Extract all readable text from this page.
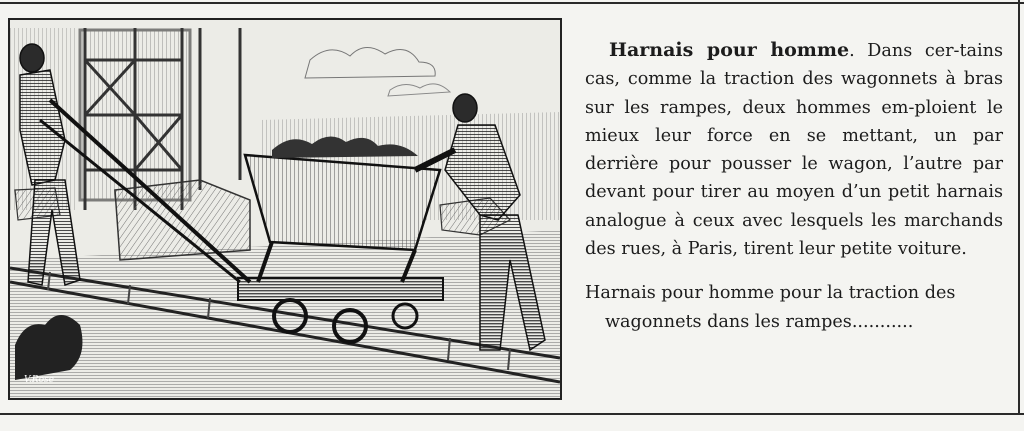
V.Rose

Harnais pour homme. Dans cer-tains cas, comme la traction des wagonnets à bras sur les rampes, deux hommes em-ploient le mieux leur force en se mettant, un par derrière pour pousser le wagon, l’autre par devant pour tirer au moyen d’un petit harnais analogue à ceux avec lesquels les marchands des rues, à Paris, tirent leur petite voiture.

Harnais pour homme pour la traction des
wagonnets dans les rampes...........
